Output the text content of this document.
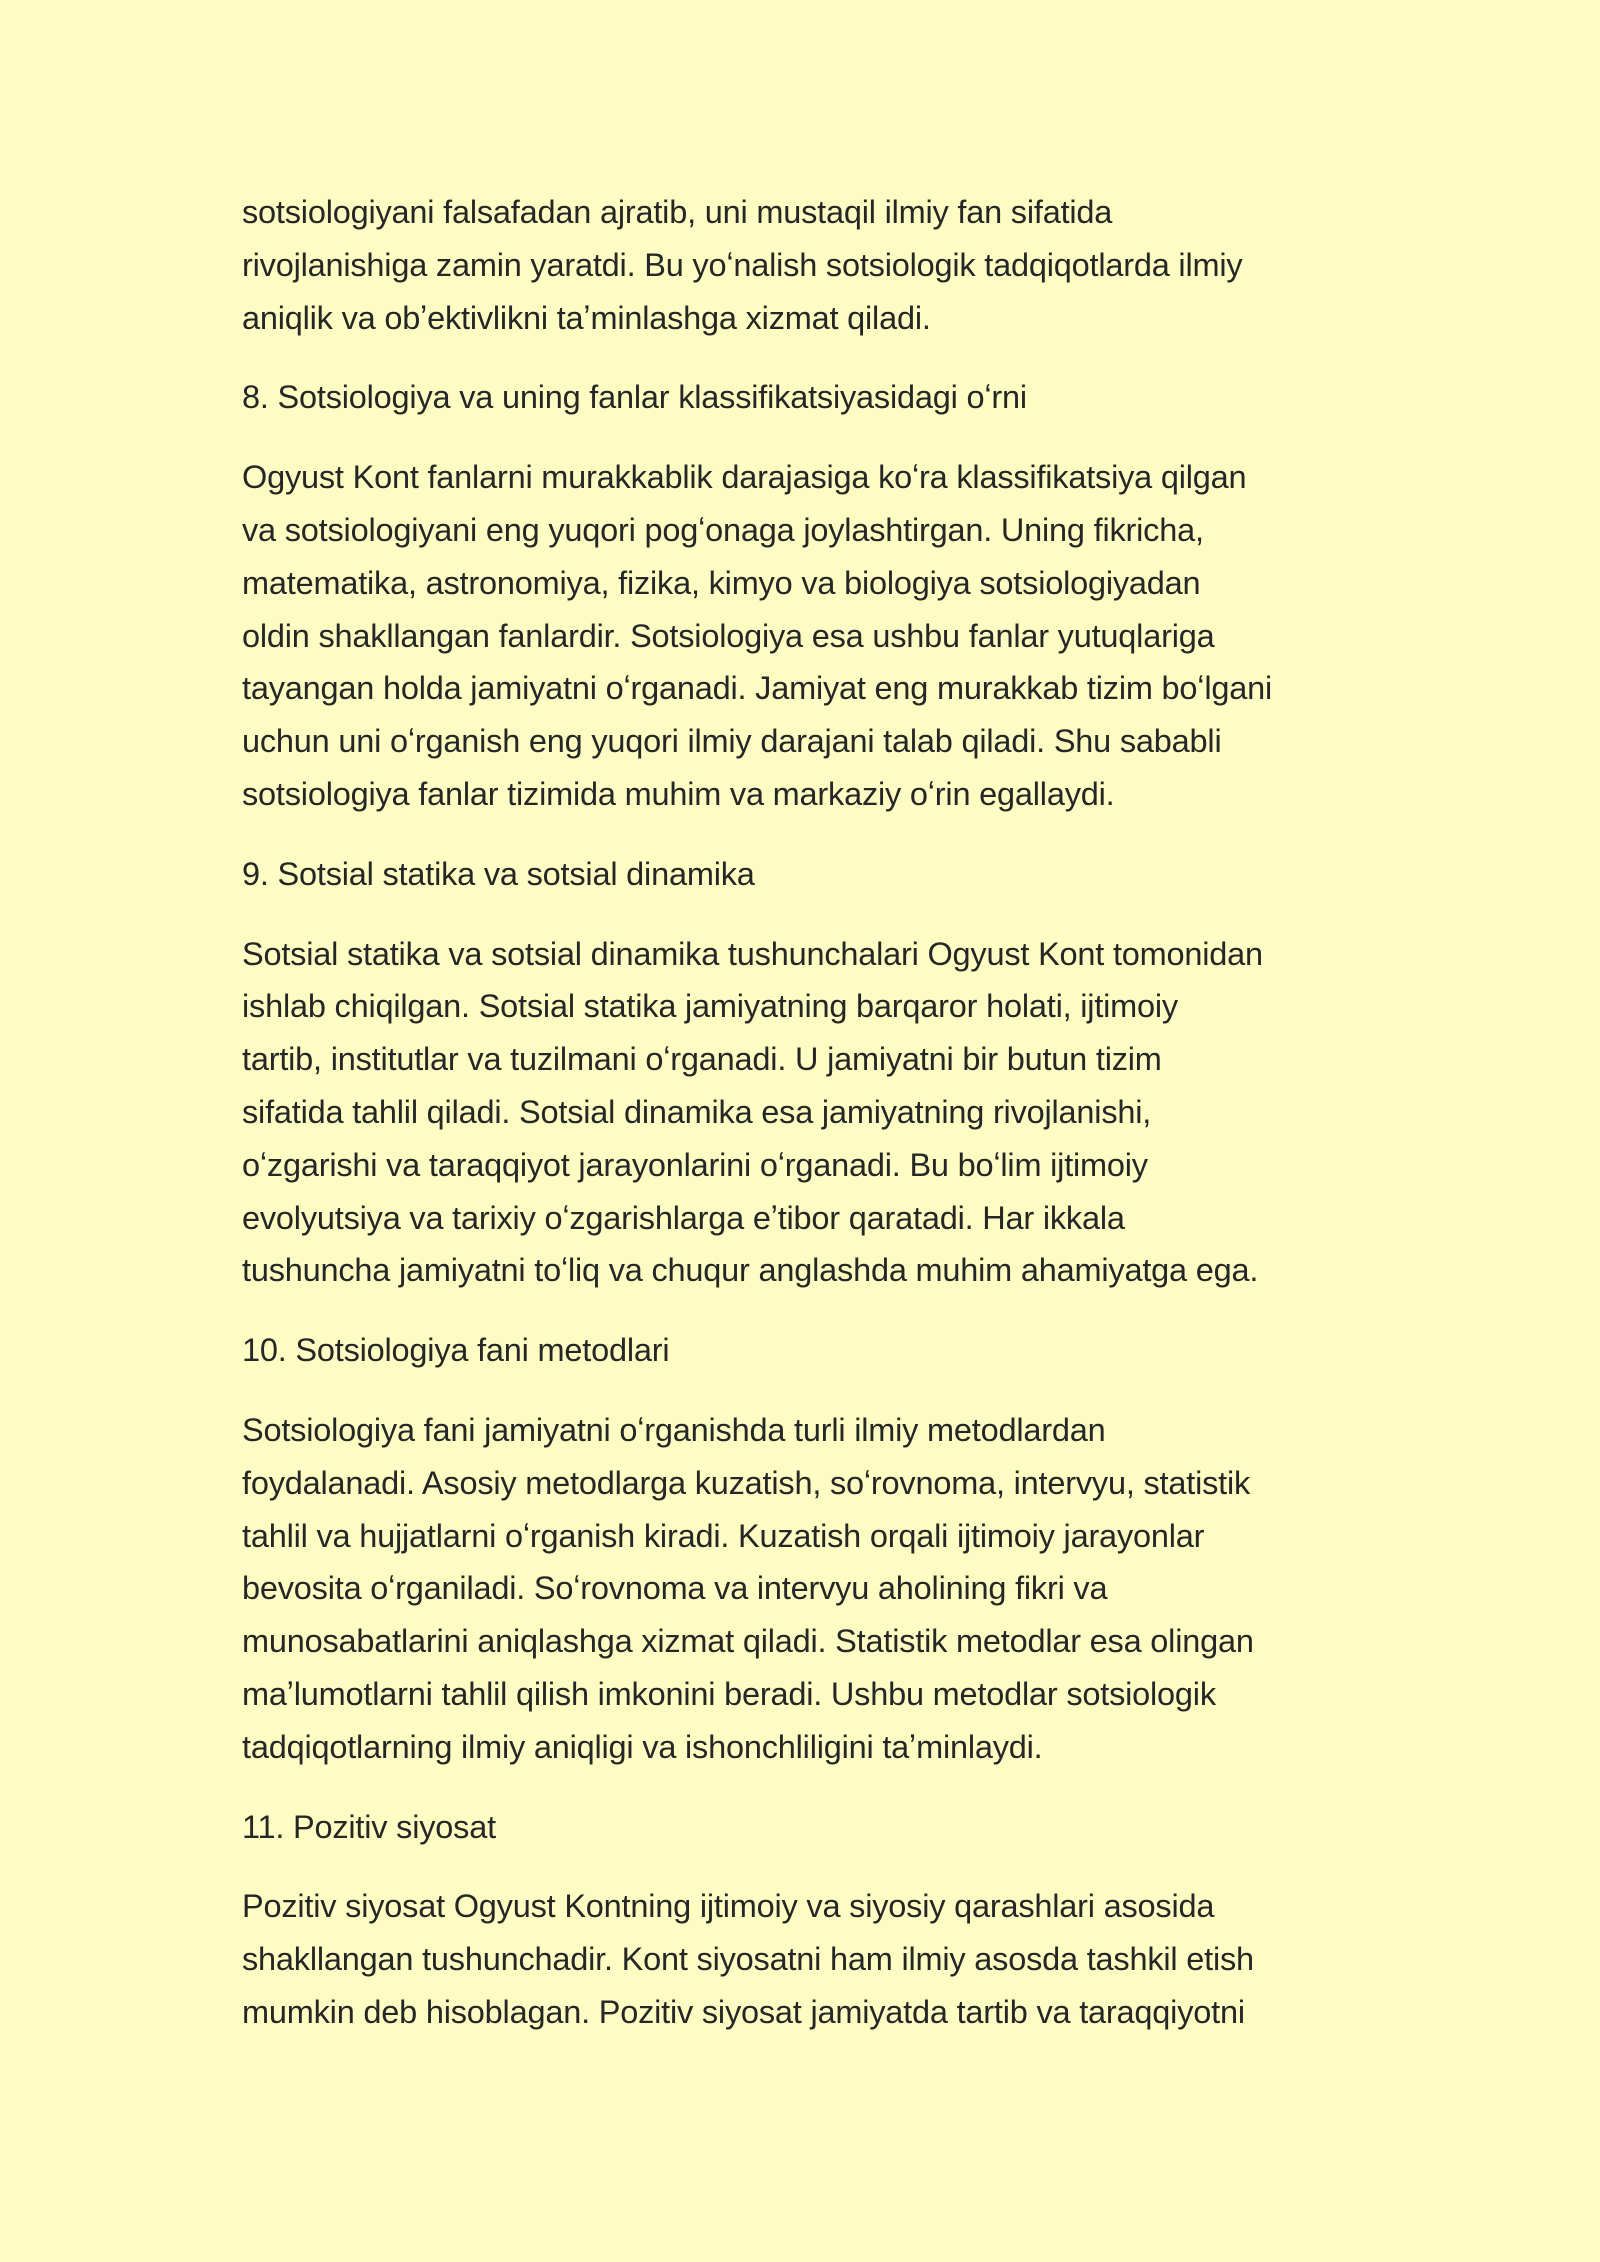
sotsiologiyani falsafadan ajratib, uni mustaqil ilmiy fan sifatida
rivojlanishiga zamin yaratdi. Bu yoʻnalish sotsiologik tadqiqotlarda ilmiy
aniqlik va obʼektivlikni taʼminlashga xizmat qiladi.
8. Sotsiologiya va uning fanlar klassifikatsiyasidagi oʻrni
Ogyust Kont fanlarni murakkablik darajasiga koʻra klassifikatsiya qilgan
va sotsiologiyani eng yuqori pogʻonaga joylashtirgan. Uning fikricha,
matematika, astronomiya, fizika, kimyo va biologiya sotsiologiyadan
oldin shakllangan fanlardir. Sotsiologiya esa ushbu fanlar yutuqlariga
tayangan holda jamiyatni oʻrganadi. Jamiyat eng murakkab tizim boʻlgani
uchun uni oʻrganish eng yuqori ilmiy darajani talab qiladi. Shu sababli
sotsiologiya fanlar tizimida muhim va markaziy oʻrin egallaydi.
9. Sotsial statika va sotsial dinamika
Sotsial statika va sotsial dinamika tushunchalari Ogyust Kont tomonidan
ishlab chiqilgan. Sotsial statika jamiyatning barqaror holati, ijtimoiy
tartib, institutlar va tuzilmani oʻrganadi. U jamiyatni bir butun tizim
sifatida tahlil qiladi. Sotsial dinamika esa jamiyatning rivojlanishi,
oʻzgarishi va taraqqiyot jarayonlarini oʻrganadi. Bu boʻlim ijtimoiy
evolyutsiya va tarixiy oʻzgarishlarga eʼtibor qaratadi. Har ikkala
tushuncha jamiyatni toʻliq va chuqur anglashda muhim ahamiyatga ega.
10. Sotsiologiya fani metodlari
Sotsiologiya fani jamiyatni oʻrganishda turli ilmiy metodlardan
foydalanadi. Asosiy metodlarga kuzatish, soʻrovnoma, intervyu, statistik
tahlil va hujjatlarni oʻrganish kiradi. Kuzatish orqali ijtimoiy jarayonlar
bevosita oʻrganiladi. Soʻrovnoma va intervyu aholining fikri va
munosabatlarini aniqlashga xizmat qiladi. Statistik metodlar esa olingan
maʼlumotlarni tahlil qilish imkonini beradi. Ushbu metodlar sotsiologik
tadqiqotlarning ilmiy aniqligi va ishonchliligini taʼminlaydi.
11. Pozitiv siyosat
Pozitiv siyosat Ogyust Kontning ijtimoiy va siyosiy qarashlari asosida
shakllangan tushunchadir. Kont siyosatni ham ilmiy asosda tashkil etish
mumkin deb hisoblagan. Pozitiv siyosat jamiyatda tartib va taraqqiyotni
